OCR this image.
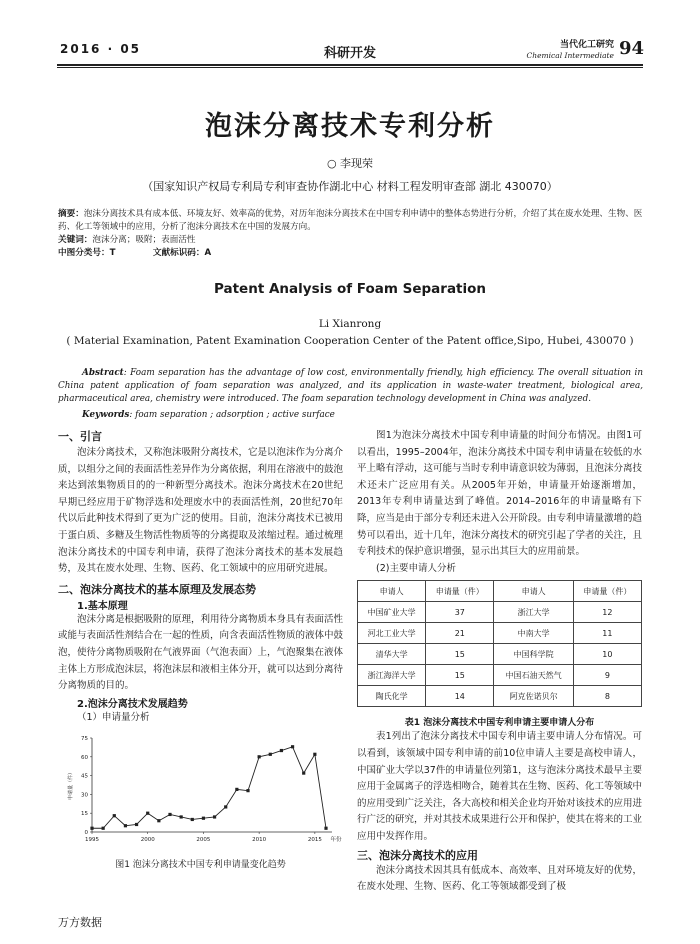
2016 · 05	科研开发
当代化工研究
Chemical Intermediate 94
泡沫分离技术专利分析
○ 李现荣
（国家知识产权局专利局专利审查协作湖北中心 材料工程发明审查部 湖北 430070）
摘要：泡沫分离技术具有成本低、环境友好、效率高的优势，对历年泡沫分离技术在中国专利申请中的整体态势进行分析，介绍了其在废水处理、生物、医药、化工等领域中的应用，分析了泡沫分离技术在中国的发展方向。
关键词：泡沫分离；吸附；表面活性
中图分类号：T	文献标识码：A
Patent Analysis of Foam Separation
Li Xianrong
( Material Examination, Patent Examination Cooperation Center of the Patent office,Sipo, Hubei, 430070 )
Abstract: Foam separation has the advantage of low cost, environmentally friendly, high efficiency. The overall situation in China patent application of foam separation was analyzed, and its application in waste-water treatment, biological area, pharmaceutical area, chemistry were introduced. The foam separation technology development in China was analyzed.
Keywords: foam separation ; adsorption ; active surface
一、引言
泡沫分离技术，又称泡沫吸附分离技术，它是以泡沫作为分离介质，以组分之间的表面活性差异作为分离依据，利用在溶液中的鼓泡来达到浓集物质目的的一种新型分离技术。泡沫分离技术在20世纪早期已经应用于矿物浮选和处理废水中的表面活性剂，20世纪70年代以后此种技术得到了更为广泛的使用。目前，泡沫分离技术已被用于蛋白质、多糖及生物活性物质等的分离提取及浓缩过程。通过梳理泡沫分离技术的中国专利申请，获得了泡沫分离技术的基本发展趋势，及其在废水处理、生物、医药、化工领域中的应用研究进展。
二、泡沫分离技术的基本原理及发展态势
1.基本原理
泡沫分离是根据吸附的原理，利用待分离物质本身具有表面活性或能与表面活性剂结合在一起的性质，向含表面活性物质的液体中鼓泡，使待分离物质吸附在气液界面（气泡表面）上，气泡聚集在液体主体上方形成泡沫层，将泡沫层和液相主体分开，就可以达到分离待分离物质的目的。
2.泡沫分离技术发展趋势
（1）申请量分析
0
15
30
45
60
75
1995	2000	2005	2010	2015 年份
申请量（件）
图1 泡沫分离技术中国专利申请量变化趋势
图1为泡沫分离技术中国专利申请量的时间分布情况。由图1可以看出，1995–2004年，泡沫分离技术中国专利申请量在较低的水平上略有浮动，这可能与当时专利申请意识较为薄弱，且泡沫分离技术还未广泛应用有关。从2005年开始，申请量开始逐渐增加，2013年专利申请量达到了峰值。2014–2016年的申请量略有下降，应当是由于部分专利还未进入公开阶段。由专利申请量激增的趋势可以看出，近十几年，泡沫分离技术的研究引起了学者的关注，且专利技术的保护意识增强，显示出其巨大的应用前景。
(2)主要申请人分析
申请人	申请量（件）	申请人	申请量（件）
中国矿业大学	37	浙江大学	12
河北工业大学	21	中南大学	11
清华大学	15	中国科学院	10
浙江海洋大学	15	中国石油天然气	9
陶氏化学	14	阿克佐诺贝尔	8
表1 泡沫分离技术中国专利申请主要申请人分布
表1列出了泡沫分离技术中国专利申请主要申请人分布情况。可以看到，该领域中国专利申请的前10位申请人主要是高校申请人，中国矿业大学以37件的申请量位列第1，这与泡沫分离技术最早主要应用于金属离子的浮选相吻合，随着其在生物、医药、化工等领域中的应用受到广泛关注，各大高校和相关企业均开始对该技术的应用进行广泛的研究，并对其技术成果进行公开和保护，使其在将来的工业应用中发挥作用。
三、泡沫分离技术的应用
泡沫分离技术因其具有低成本、高效率、且对环境友好的优势，在废水处理、生物、医药、化工等领域都受到了极
万方数据
